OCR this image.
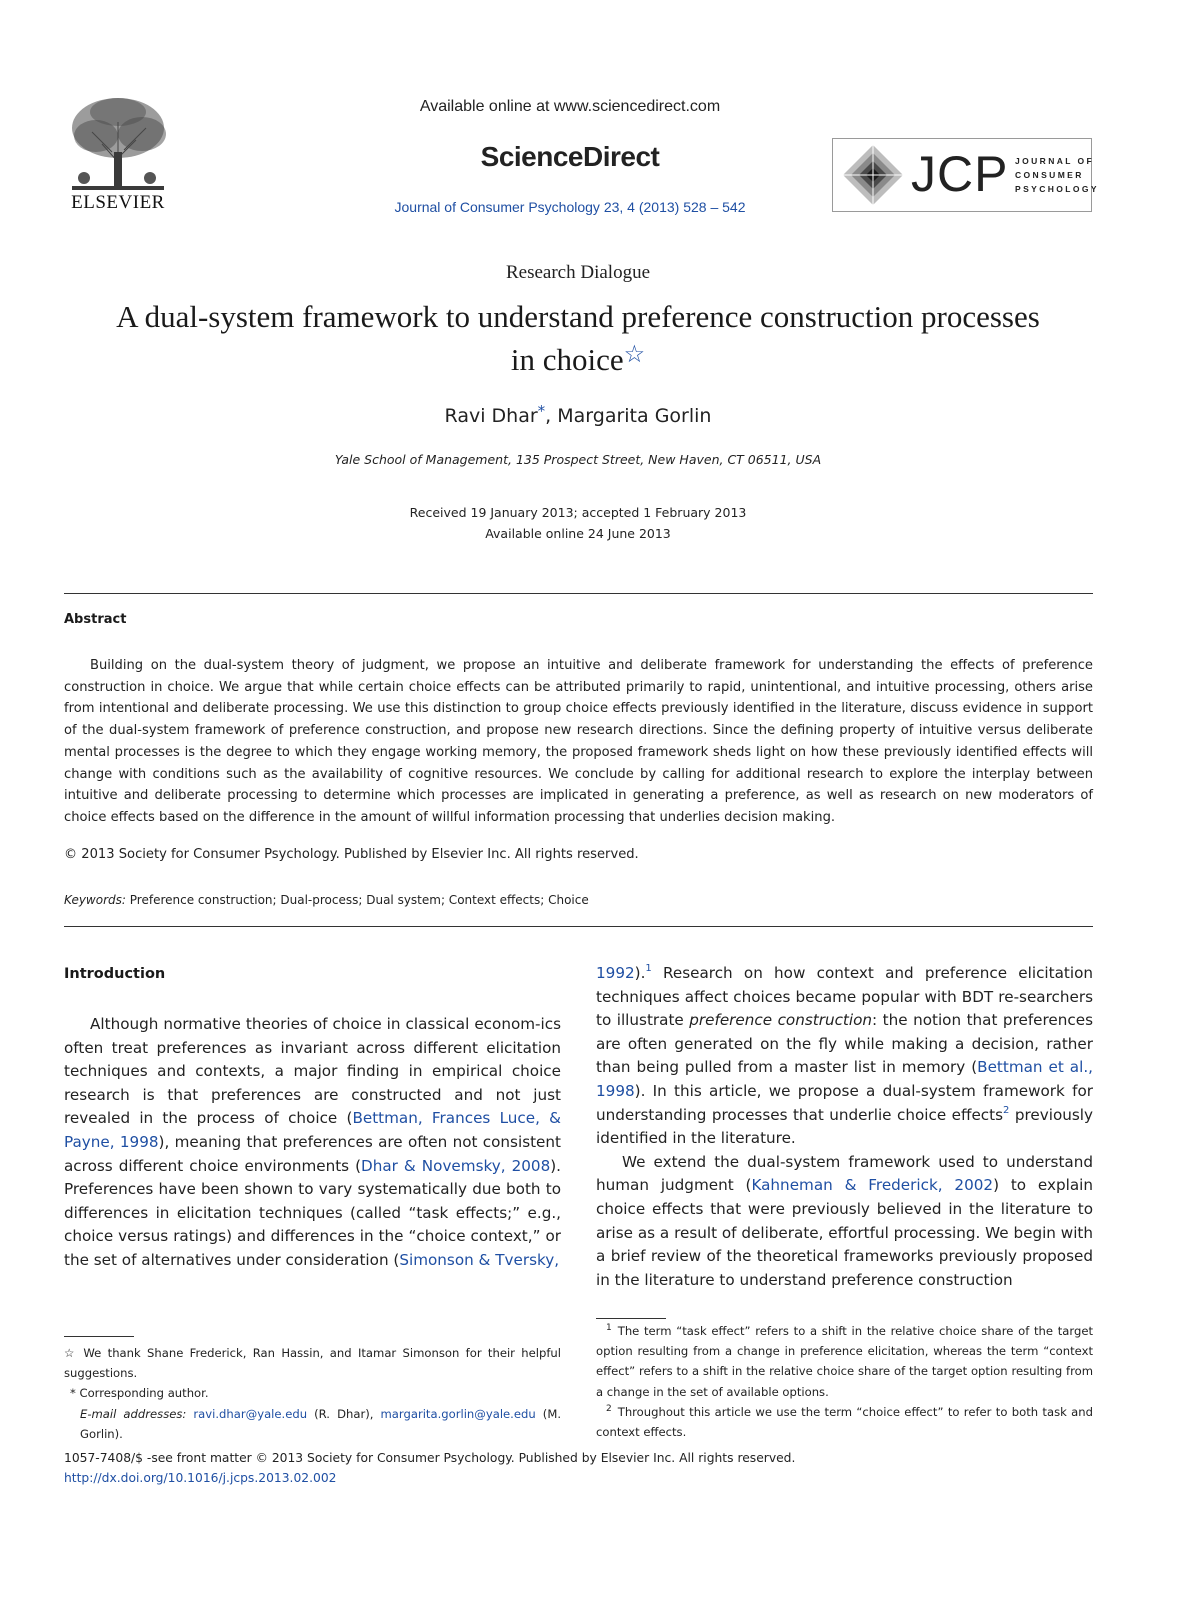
ELSEVIER
Available online at www.sciencedirect.com
ScienceDirect
Journal of Consumer Psychology 23, 4 (2013) 528 – 542
JCP JOURNAL OF
CONSUMER
PSYCHOLOGY
Research Dialogue
A dual-system framework to understand preference construction processes
in choice☆
Ravi Dhar*, Margarita Gorlin
Yale School of Management, 135 Prospect Street, New Haven, CT 06511, USA
Received 19 January 2013; accepted 1 February 2013
Available online 24 June 2013
Abstract

Building on the dual-system theory of judgment, we propose an intuitive and deliberate framework for understanding the effects of preference construction in choice. We argue that while certain choice effects can be attributed primarily to rapid, unintentional, and intuitive processing, others arise from intentional and deliberate processing. We use this distinction to group choice effects previously identified in the literature, discuss evidence in support of the dual-system framework of preference construction, and propose new research directions. Since the defining property of intuitive versus deliberate mental processes is the degree to which they engage working memory, the proposed framework sheds light on how these previously identified effects will change with conditions such as the availability of cognitive resources. We conclude by calling for additional research to explore the interplay between intuitive and deliberate processing to determine which processes are implicated in generating a preference, as well as research on new moderators of choice effects based on the difference in the amount of willful information processing that underlies decision making.

© 2013 Society for Consumer Psychology. Published by Elsevier Inc. All rights reserved.
Keywords: Preference construction; Dual-process; Dual system; Context effects; Choice
Introduction

Although normative theories of choice in classical econom-ics often treat preferences as invariant across different elicitation techniques and contexts, a major finding in empirical choice research is that preferences are constructed and not just revealed in the process of choice (Bettman, Frances Luce, & Payne, 1998), meaning that preferences are often not consistent across different choice environments (Dhar & Novemsky, 2008). Preferences have been shown to vary systematically due both to differences in elicitation techniques (called “task effects;” e.g., choice versus ratings) and differences in the “choice context,” or the set of alternatives under consideration (Simonson & Tversky,

1992).$^1$ Research on how context and preference elicitation techniques affect choices became popular with BDT re-searchers to illustrate preference construction: the notion that preferences are often generated on the fly while making a decision, rather than being pulled from a master list in memory (Bettman et al., 1998). In this article, we propose a dual-system framework for understanding processes that underlie choice effects$^2$ previously identified in the literature.

We extend the dual-system framework used to understand human judgment (Kahneman & Frederick, 2002) to explain choice effects that were previously believed in the literature to arise as a result of deliberate, effortful processing. We begin with a brief review of the theoretical frameworks previously proposed in the literature to understand preference construction

☆ We thank Shane Frederick, Ran Hassin, and Itamar Simonson for their helpful suggestions.

* Corresponding author.

E-mail addresses: ravi.dhar@yale.edu (R. Dhar), margarita.gorlin@yale.edu (M. Gorlin).

$^1$ The term “task effect” refers to a shift in the relative choice share of the target option resulting from a change in preference elicitation, whereas the term “context effect” refers to a shift in the relative choice share of the target option resulting from a change in the set of available options.

$^2$ Throughout this article we use the term “choice effect” to refer to both task and context effects.

1057-7408/$ -see front matter © 2013 Society for Consumer Psychology. Published by Elsevier Inc. All rights reserved.
http://dx.doi.org/10.1016/j.jcps.2013.02.002
